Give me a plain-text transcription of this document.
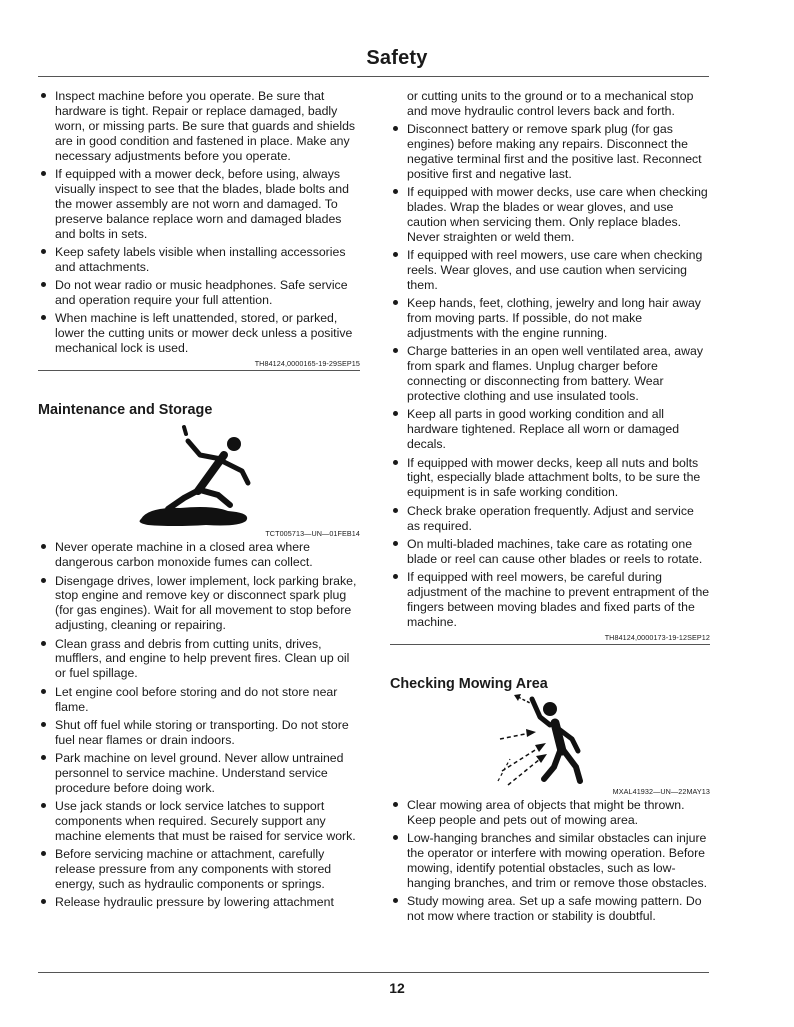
Safety
Inspect machine before you operate. Be sure that hardware is tight. Repair or replace damaged, badly worn, or missing parts. Be sure that guards and shields are in good condition and fastened in place. Make any necessary adjustments before you operate.
If equipped with a mower deck, before using, always visually inspect to see that the blades, blade bolts and the mower assembly are not worn and damaged. To preserve balance replace worn and damaged blades and bolts in sets.
Keep safety labels visible when installing accessories and attachments.
Do not wear radio or music headphones. Safe service and operation require your full attention.
When machine is left unattended, stored, or parked, lower the cutting units or mower deck unless a positive mechanical lock is used.
TH84124,0000165-19-29SEP15
Maintenance and Storage
TCT005713—UN—01FEB14
Never operate machine in a closed area where dangerous carbon monoxide fumes can collect.
Disengage drives, lower implement, lock parking brake, stop engine and remove key or disconnect spark plug (for gas engines). Wait for all movement to stop before adjusting, cleaning or repairing.
Clean grass and debris from cutting units, drives, mufflers, and engine to help prevent fires. Clean up oil or fuel spillage.
Let engine cool before storing and do not store near flame.
Shut off fuel while storing or transporting. Do not store fuel near flames or drain indoors.
Park machine on level ground. Never allow untrained personnel to service machine. Understand service procedure before doing work.
Use jack stands or lock service latches to support components when required. Securely support any machine elements that must be raised for service work.
Before servicing machine or attachment, carefully release pressure from any components with stored energy, such as hydraulic components or springs.
Release hydraulic pressure by lowering attachment
or cutting units to the ground or to a mechanical stop and move hydraulic control levers back and forth.
Disconnect battery or remove spark plug (for gas engines) before making any repairs. Disconnect the negative terminal first and the positive last. Reconnect positive first and negative last.
If equipped with mower decks, use care when checking blades. Wrap the blades or wear gloves, and use caution when servicing them. Only replace blades. Never straighten or weld them.
If equipped with reel mowers, use care when checking reels. Wear gloves, and use caution when servicing them.
Keep hands, feet, clothing, jewelry and long hair away from moving parts. If possible, do not make adjustments with the engine running.
Charge batteries in an open well ventilated area, away from spark and flames. Unplug charger before connecting or disconnecting from battery. Wear protective clothing and use insulated tools.
Keep all parts in good working condition and all hardware tightened. Replace all worn or damaged decals.
If equipped with mower decks, keep all nuts and bolts tight, especially blade attachment bolts, to be sure the equipment is in safe working condition.
Check brake operation frequently. Adjust and service as required.
On multi-bladed machines, take care as rotating one blade or reel can cause other blades or reels to rotate.
If equipped with reel mowers, be careful during adjustment of the machine to prevent entrapment of the fingers between moving blades and fixed parts of the machine.
TH84124,0000173-19-12SEP12
Checking Mowing Area
MXAL41932—UN—22MAY13
Clear mowing area of objects that might be thrown. Keep people and pets out of mowing area.
Low-hanging branches and similar obstacles can injure the operator or interfere with mowing operation. Before mowing, identify potential obstacles, such as low-hanging branches, and trim or remove those obstacles.
Study mowing area. Set up a safe mowing pattern. Do not mow where traction or stability is doubtful.
12
